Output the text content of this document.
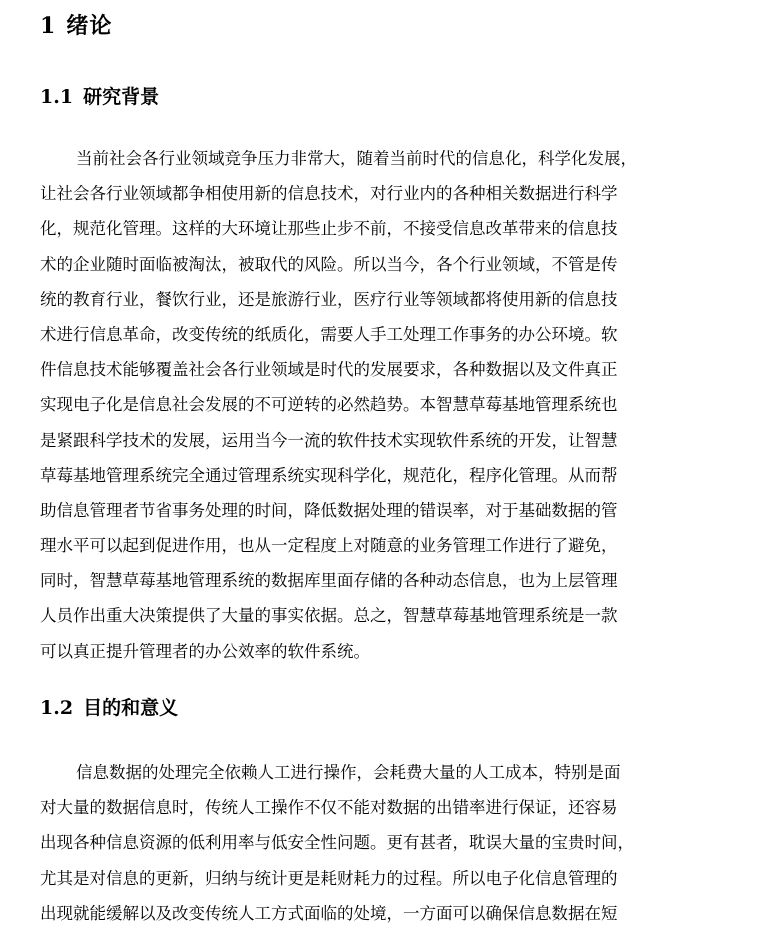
1 绪论
1.1 研究背景
当前社会各行业领域竞争压力非常大，随着当前时代的信息化，科学化发展，
让社会各行业领域都争相使用新的信息技术，对行业内的各种相关数据进行科学
化，规范化管理。这样的大环境让那些止步不前，不接受信息改革带来的信息技
术的企业随时面临被淘汰，被取代的风险。所以当今，各个行业领域，不管是传
统的教育行业，餐饮行业，还是旅游行业，医疗行业等领域都将使用新的信息技
术进行信息革命，改变传统的纸质化，需要人手工处理工作事务的办公环境。软
件信息技术能够覆盖社会各行业领域是时代的发展要求，各种数据以及文件真正
实现电子化是信息社会发展的不可逆转的必然趋势。本智慧草莓基地管理系统也
是紧跟科学技术的发展，运用当今一流的软件技术实现软件系统的开发，让智慧
草莓基地管理系统完全通过管理系统实现科学化，规范化，程序化管理。从而帮
助信息管理者节省事务处理的时间，降低数据处理的错误率，对于基础数据的管
理水平可以起到促进作用，也从一定程度上对随意的业务管理工作进行了避免，
同时，智慧草莓基地管理系统的数据库里面存储的各种动态信息，也为上层管理
人员作出重大决策提供了大量的事实依据。总之，智慧草莓基地管理系统是一款
可以真正提升管理者的办公效率的软件系统。
1.2 目的和意义
信息数据的处理完全依赖人工进行操作，会耗费大量的人工成本，特别是面
对大量的数据信息时，传统人工操作不仅不能对数据的出错率进行保证，还容易
出现各种信息资源的低利用率与低安全性问题。更有甚者，耽误大量的宝贵时间，
尤其是对信息的更新，归纳与统计更是耗财耗力的过程。所以电子化信息管理的
出现就能缓解以及改变传统人工方式面临的处境，一方面可以确保信息数据在短
